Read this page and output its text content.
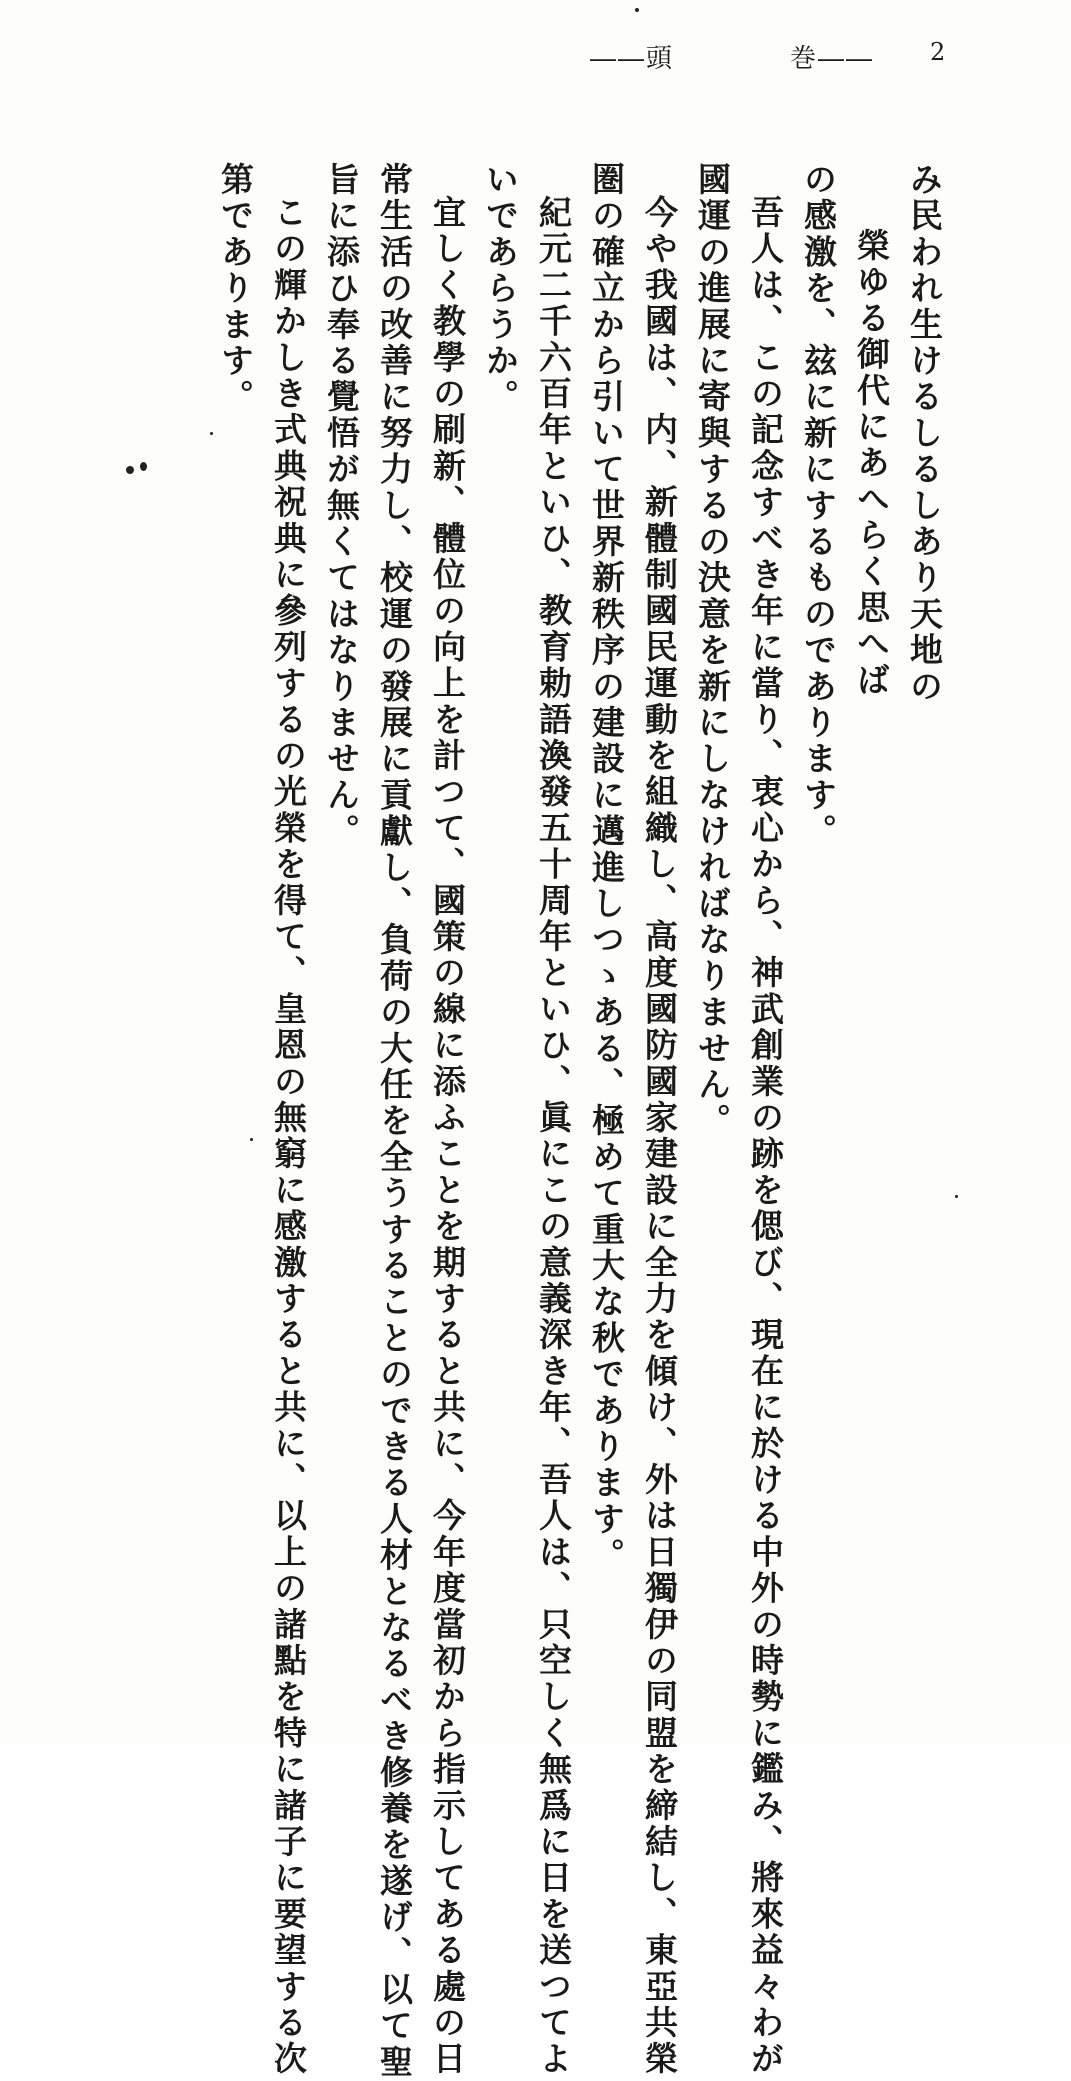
――頭	巻―― 2
み民われ生けるしるしあり天地の
榮ゆる御代にあへらく思へば
の感激を、玆に新にするものであります。
吾人は、この記念すべき年に當り、衷心から、神武創業の跡を偲び、現在に於ける中外の時勢に鑑み、將來益々わが
國運の進展に寄與するの決意を新にしなければなりません。
今や我國は、内、新體制國民運動を組織し、高度國防國家建設に全力を傾け、外は日獨伊の同盟を締結し、東亞共榮
圏の確立から引いて世界新秩序の建設に邁進しつゝある、極めて重大な秋であります。
紀元二千六百年といひ、教育勅語渙發五十周年といひ、眞にこの意義深き年、吾人は、只空しく無爲に日を送つてよ
いであらうか。
宜しく教學の刷新、體位の向上を計つて、國策の線に添ふことを期すると共に、今年度當初から指示してある處の日
常生活の改善に努力し、校運の發展に貢獻し、負荷の大任を全うすることのできる人材となるべき修養を遂げ、以て聖
旨に添ひ奉る覺悟が無くてはなりません。
この輝かしき式典祝典に參列するの光榮を得て、皇恩の無窮に感激すると共に、以上の諸點を特に諸子に要望する次
第であります。
